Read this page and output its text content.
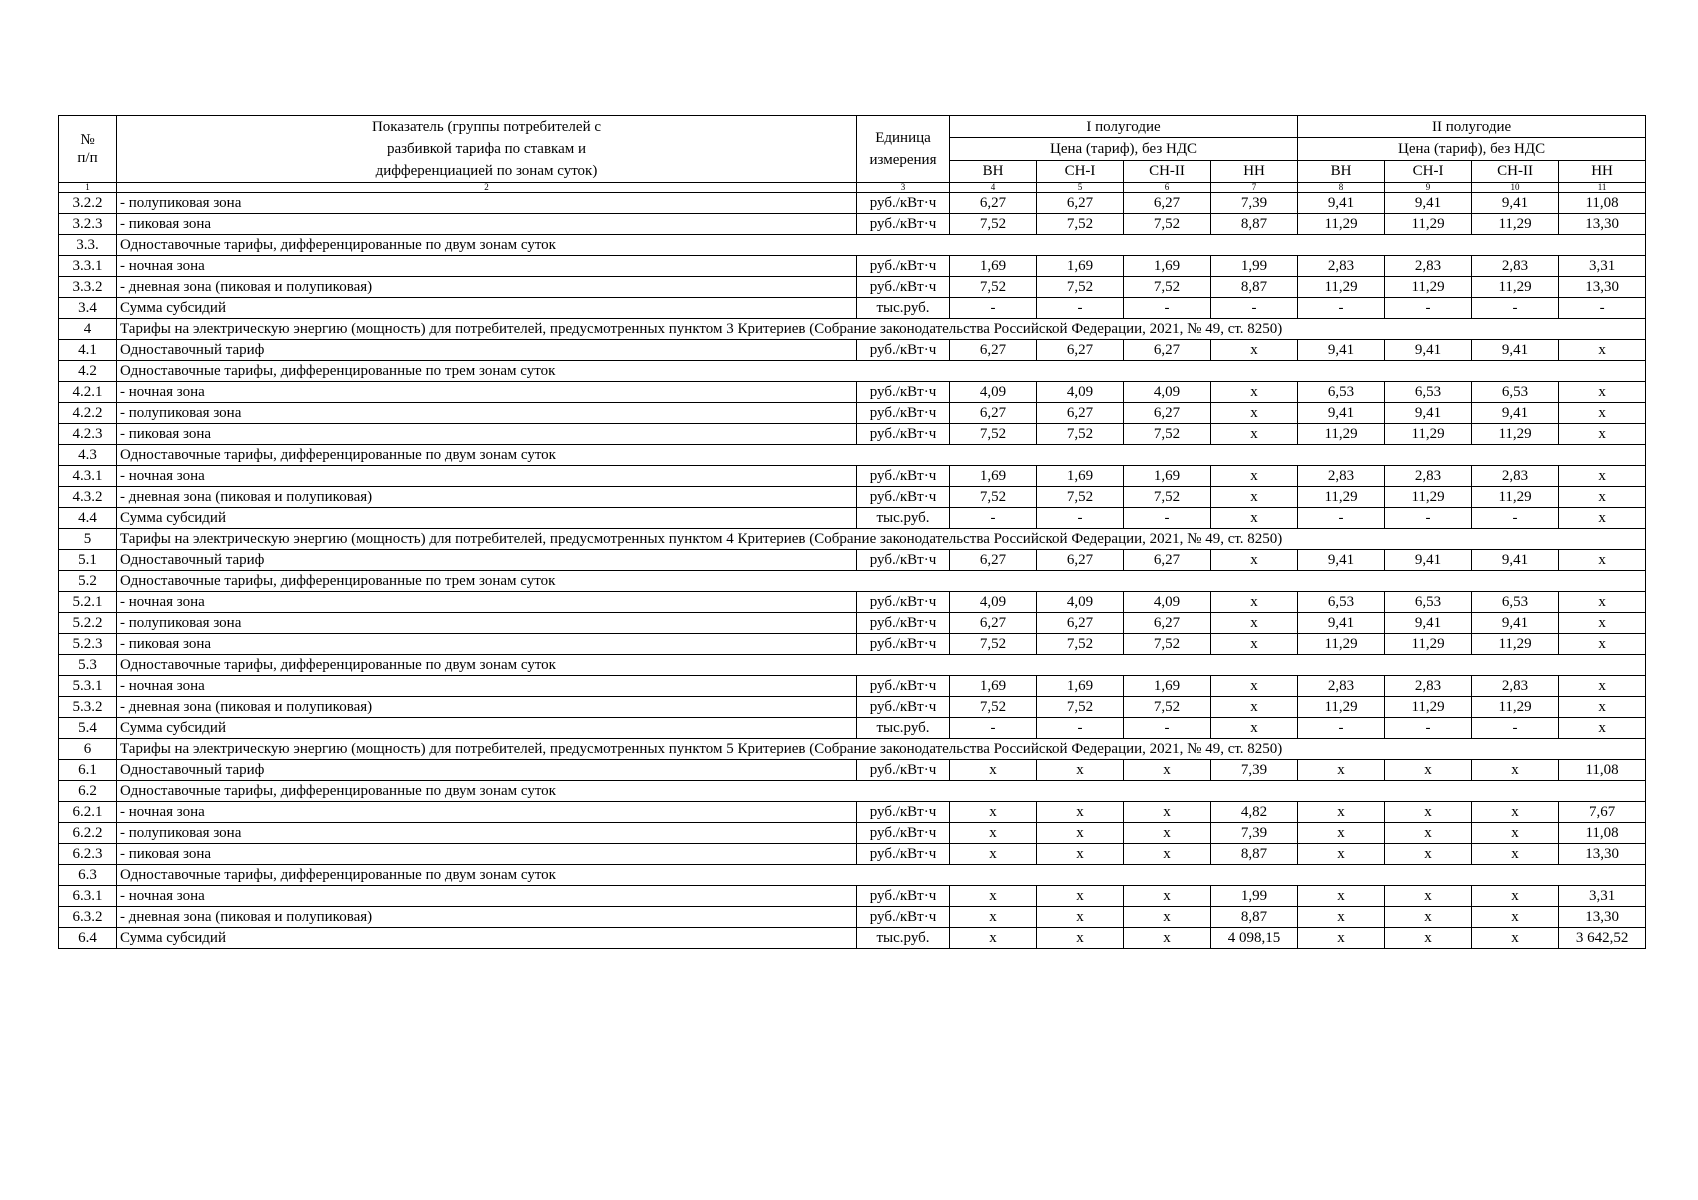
№
п/п	Показатель (группы потребителей с
разбивкой тарифа по ставкам и
дифференциацией по зонам суток)	Единица
измерения	I полугодие				II полугодие			
			Цена (тариф), без НДС				Цена (тариф), без НДС			
			ВН	СН-I	СН-II	НН	ВН	СН-I	СН-II	НН
1	2	3	4	5	6	7	8	9	10	11
3.2.2	- полупиковая зона	руб./кВт·ч	6,27	6,27	6,27	7,39	9,41	9,41	9,41	11,08
3.2.3	- пиковая зона	руб./кВт·ч	7,52	7,52	7,52	8,87	11,29	11,29	11,29	13,30
3.3.	Одноставочные тарифы, дифференцированные по двум зонам суток									
3.3.1	- ночная зона	руб./кВт·ч	1,69	1,69	1,69	1,99	2,83	2,83	2,83	3,31
3.3.2	- дневная зона (пиковая и полупиковая)	руб./кВт·ч	7,52	7,52	7,52	8,87	11,29	11,29	11,29	13,30
3.4	Сумма субсидий	тыс.руб.	-	-	-	-	-	-	-	-
4	Тарифы на электрическую энергию (мощность) для потребителей, предусмотренных пунктом 3 Критериев (Собрание законодательства Российской Федерации, 2021, № 49, ст. 8250)									
4.1	Одноставочный тариф	руб./кВт·ч	6,27	6,27	6,27	х	9,41	9,41	9,41	х
4.2	Одноставочные тарифы, дифференцированные по трем зонам суток									
4.2.1	- ночная зона	руб./кВт·ч	4,09	4,09	4,09	х	6,53	6,53	6,53	х
4.2.2	- полупиковая зона	руб./кВт·ч	6,27	6,27	6,27	х	9,41	9,41	9,41	х
4.2.3	- пиковая зона	руб./кВт·ч	7,52	7,52	7,52	х	11,29	11,29	11,29	х
4.3	Одноставочные тарифы, дифференцированные по двум зонам суток									
4.3.1	- ночная зона	руб./кВт·ч	1,69	1,69	1,69	х	2,83	2,83	2,83	х
4.3.2	- дневная зона (пиковая и полупиковая)	руб./кВт·ч	7,52	7,52	7,52	х	11,29	11,29	11,29	х
4.4	Сумма субсидий	тыс.руб.	-	-	-	х	-	-	-	х
5	Тарифы на электрическую энергию (мощность) для потребителей, предусмотренных пунктом 4 Критериев (Собрание законодательства Российской Федерации, 2021, № 49, ст. 8250)									
5.1	Одноставочный тариф	руб./кВт·ч	6,27	6,27	6,27	х	9,41	9,41	9,41	х
5.2	Одноставочные тарифы, дифференцированные по трем зонам суток									
5.2.1	- ночная зона	руб./кВт·ч	4,09	4,09	4,09	х	6,53	6,53	6,53	х
5.2.2	- полупиковая зона	руб./кВт·ч	6,27	6,27	6,27	х	9,41	9,41	9,41	х
5.2.3	- пиковая зона	руб./кВт·ч	7,52	7,52	7,52	х	11,29	11,29	11,29	х
5.3	Одноставочные тарифы, дифференцированные по двум зонам суток									
5.3.1	- ночная зона	руб./кВт·ч	1,69	1,69	1,69	х	2,83	2,83	2,83	х
5.3.2	- дневная зона (пиковая и полупиковая)	руб./кВт·ч	7,52	7,52	7,52	х	11,29	11,29	11,29	х
5.4	Сумма субсидий	тыс.руб.	-	-	-	х	-	-	-	х
6	Тарифы на электрическую энергию (мощность) для потребителей, предусмотренных пунктом 5 Критериев (Собрание законодательства Российской Федерации, 2021, № 49, ст. 8250)									
6.1	Одноставочный тариф	руб./кВт·ч	х	х	х	7,39	х	х	х	11,08
6.2	Одноставочные тарифы, дифференцированные по двум зонам суток									
6.2.1	- ночная зона	руб./кВт·ч	х	х	х	4,82	х	х	х	7,67
6.2.2	- полупиковая зона	руб./кВт·ч	х	х	х	7,39	х	х	х	11,08
6.2.3	- пиковая зона	руб./кВт·ч	х	х	х	8,87	х	х	х	13,30
6.3	Одноставочные тарифы, дифференцированные по двум зонам суток									
6.3.1	- ночная зона	руб./кВт·ч	х	х	х	1,99	х	х	х	3,31
6.3.2	- дневная зона (пиковая и полупиковая)	руб./кВт·ч	х	х	х	8,87	х	х	х	13,30
6.4	Сумма субсидий	тыс.руб.	х	х	х	4 098,15	х	х	х	3 642,52
